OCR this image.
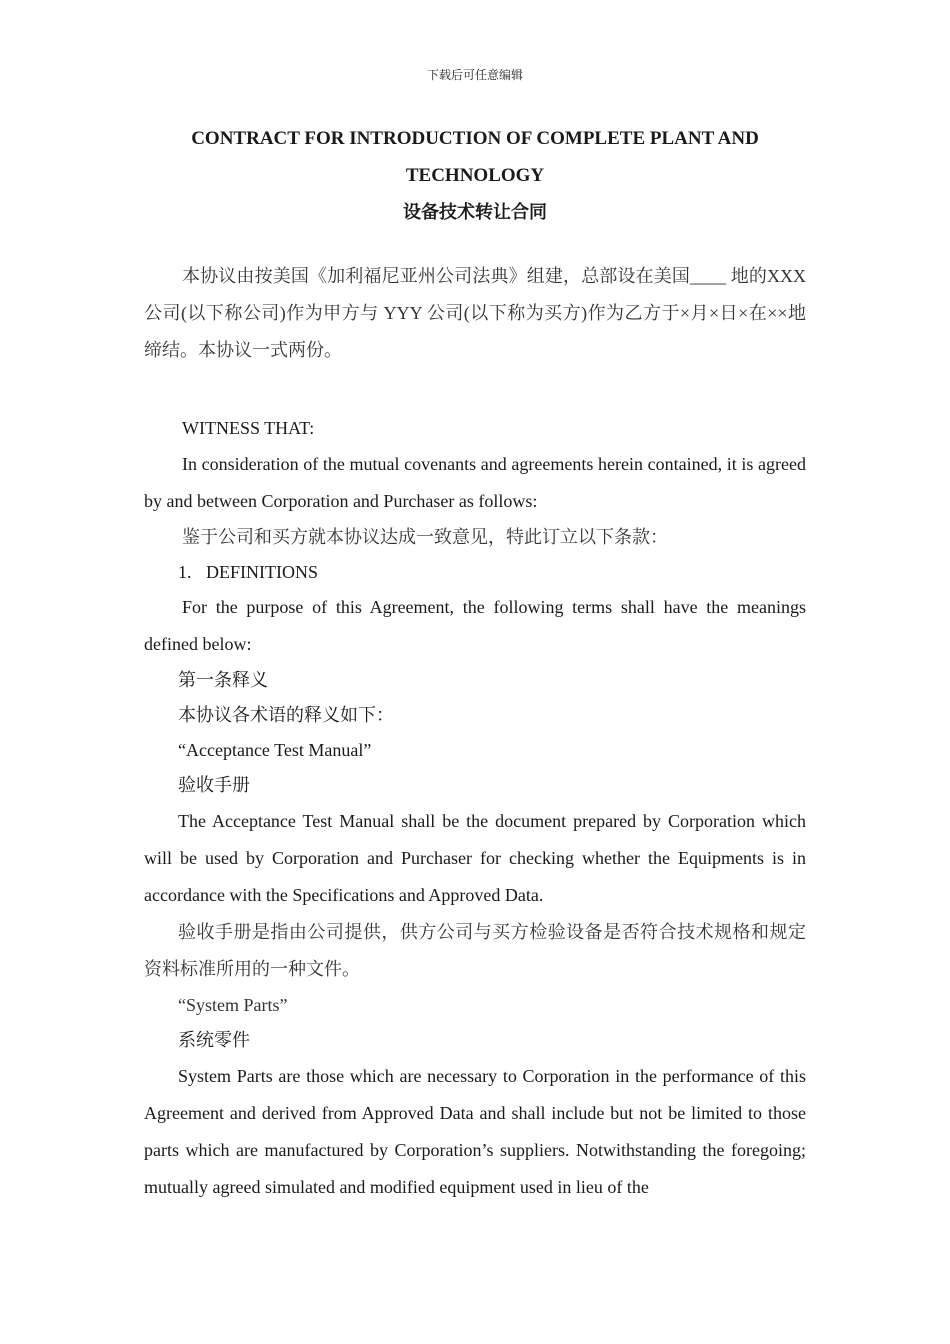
下载后可任意编辑
CONTRACT FOR INTRODUCTION OF COMPLETE PLANT AND
TECHNOLOGY
设备技术转让合同

本协议由按美国《加利福尼亚州公司法典》组建，总部设在美国____ 地的XXX 公司(以下称公司)作为甲方与 YYY 公司(以下称为买方)作为乙方于×月×日×在××地缔结。本协议一式两份。

WITNESS THAT:

In consideration of the mutual covenants and agreements herein contained, it is agreed by and between Corporation and Purchaser as follows:

鉴于公司和买方就本协议达成一致意见，特此订立以下条款：

1. DEFINITIONS

For the purpose of this Agreement, the following terms shall have the meanings defined below:

第一条释义

本协议各术语的释义如下：

“Acceptance Test Manual”

验收手册

The Acceptance Test Manual shall be the document prepared by Corporation which will be used by Corporation and Purchaser for checking whether the Equipments is in accordance with the Specifications and Approved Data.

验收手册是指由公司提供，供方公司与买方检验设备是否符合技术规格和规定资料标准所用的一种文件。

“System Parts”

系统零件

System Parts are those which are necessary to Corporation in the performance of this Agreement and derived from Approved Data and shall include but not be limited to those parts which are manufactured by Corporation’s suppliers. Notwithstanding the foregoing; mutually agreed simulated and modified equipment used in lieu of the
